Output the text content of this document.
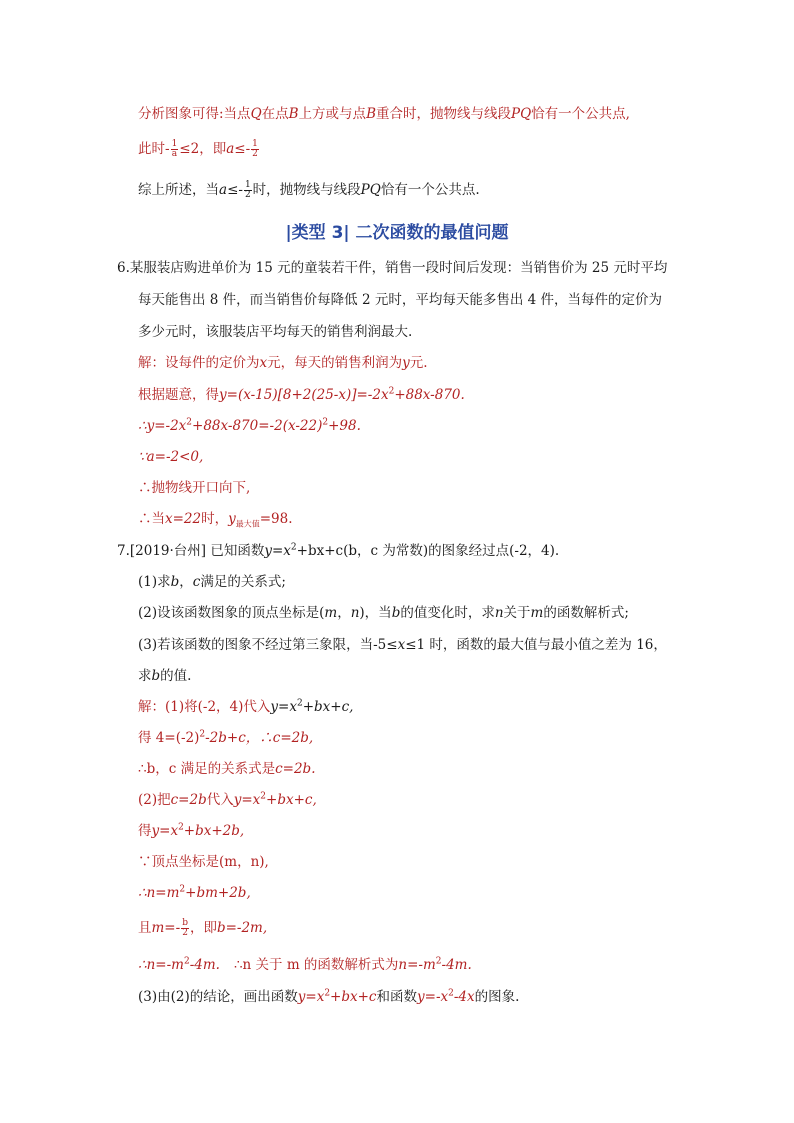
分析图象可得:当点Q在点B上方或与点B重合时，抛物线与线段PQ恰有一个公共点,
此时- $\frac{1}{a} \le 2$，即$a\le- \frac{1}{2}$
综上所述，当$a\le- \frac{1}{2}$ 时，抛物线与线段PQ恰有一个公共点.
|类型 3| 二次函数的最值问题
6.某服装店购进单价为 15 元的童装若干件，销售一段时间后发现：当销售价为 25 元时平均
每天能售出 8 件，而当销售价每降低 2 元时，平均每天能多售出 4 件，当每件的定价为
多少元时，该服装店平均每天的销售利润最大.
解：设每件的定价为x元，每天的销售利润为y元.
根据题意，得$y=(x-15)[8+2(25-x)]=-2x^2+88x-870$.
$\therefore y=-2x^2+88x-870=-2(x-22)^2+98$.
∵a=-2<0,
∴抛物线开口向下,
∴当x=22时，$y_{最大值}=98$.
7.[2019·台州] 已知函数$y=x^2+bx+c(b$，c 为常数)的图象经过点(-2，4).
(1)求b，c满足的关系式;
(2)设该函数图象的顶点坐标是(m，n)，当b的值变化时，求n关于m的函数解析式;
(3)若该函数的图象不经过第三象限，当-5≤x≤1 时，函数的最大值与最小值之差为 16，
求b的值.
解：(1)将(-2，4)代入$y=x^2+bx+c$,
得 $4=(-2)^2-2b+c$，∴c=2b,
∴b，c 满足的关系式是c=2b.
(2)把c=2b代入$y=x^2+bx+c$,
得$y=x^2+bx+2b$,
∵顶点坐标是(m，n),
$\therefore n=m^2+bm+2b$,
且$m=- \frac{b}{2}$ ，即b=-2m,
$\therefore n=-m^2-4m$. ∴n 关于 m 的函数解析式为$n=-m^2-4m$.
(3)由(2)的结论，画出函数$y=x^2+bx+c$和函数$y=-x^2-4x$的图象.
